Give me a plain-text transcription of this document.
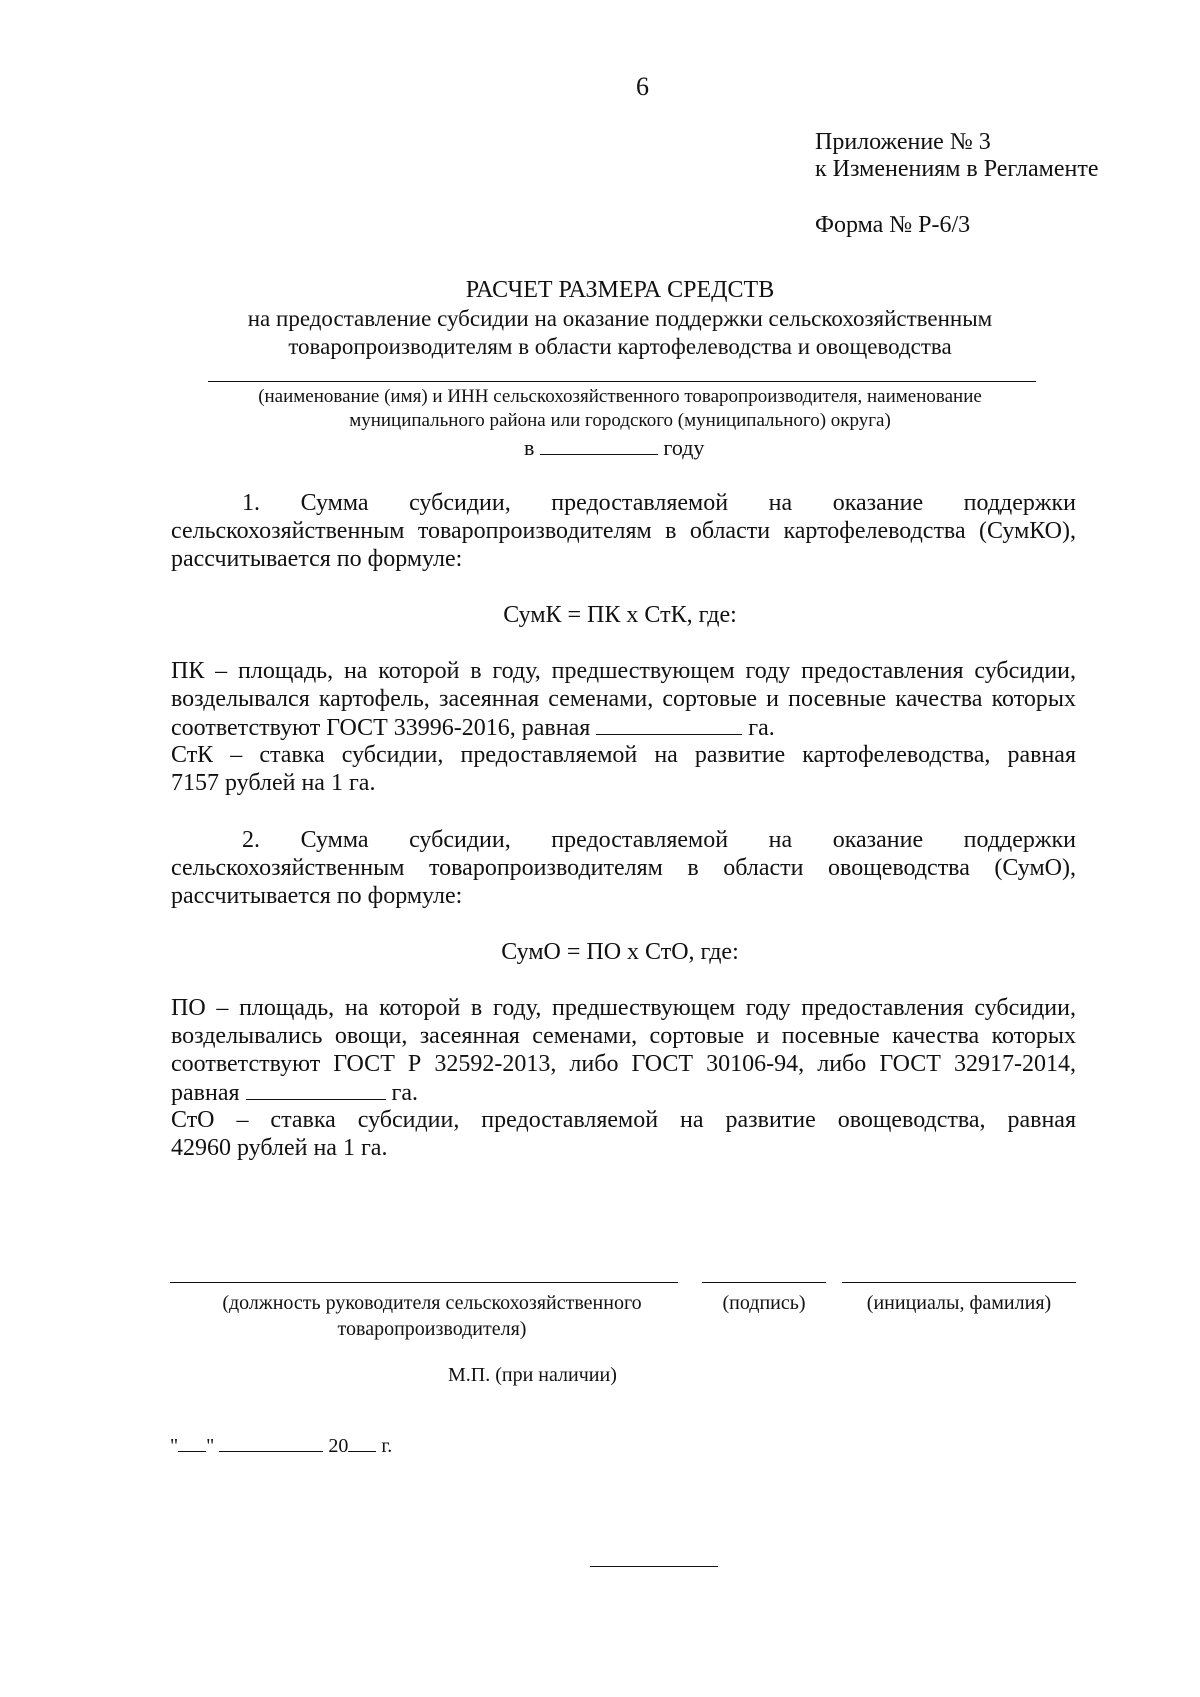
6
Приложение № 3
к Изменениям в Регламенте
Форма № Р-6/3
РАСЧЕТ РАЗМЕРА СРЕДСТВ
на предоставление субсидии на оказание поддержки сельскохозяйственным
товаропроизводителям в области картофелеводства и овощеводства
(наименование (имя) и ИНН сельскохозяйственного товаропроизводителя, наименование
муниципального района или городского (муниципального) округа)
в	году
1. Сумма субсидии, предоставляемой на оказание поддержки
сельскохозяйственным товаропроизводителям в области картофелеводства (СумКО),
рассчитывается по формуле:
СумК = ПК х СтК, где:
ПК – площадь, на которой в году, предшествующем году предоставления субсидии,
возделывался картофель, засеянная семенами, сортовые и посевные качества которых
соответствуют ГОСТ 33996-2016, равная	га.
СтК – ставка субсидии, предоставляемой на развитие картофелеводства, равная
7157 рублей на 1 га.
2. Сумма субсидии, предоставляемой на оказание поддержки
сельскохозяйственным товаропроизводителям в области овощеводства (СумО),
рассчитывается по формуле:
СумО = ПО х СтО, где:
ПО – площадь, на которой в году, предшествующем году предоставления субсидии,
возделывались овощи, засеянная семенами, сортовые и посевные качества которых
соответствуют ГОСТ Р 32592-2013, либо ГОСТ 30106-94, либо ГОСТ 32917-2014,
равная	га.
СтО – ставка субсидии, предоставляемой на развитие овощеводства, равная
42960 рублей на 1 га.
(должность руководителя сельскохозяйственного
товаропроизводителя)
(подпись)	(инициалы, фамилия)
М.П. (при наличии)
" "	20 г.
